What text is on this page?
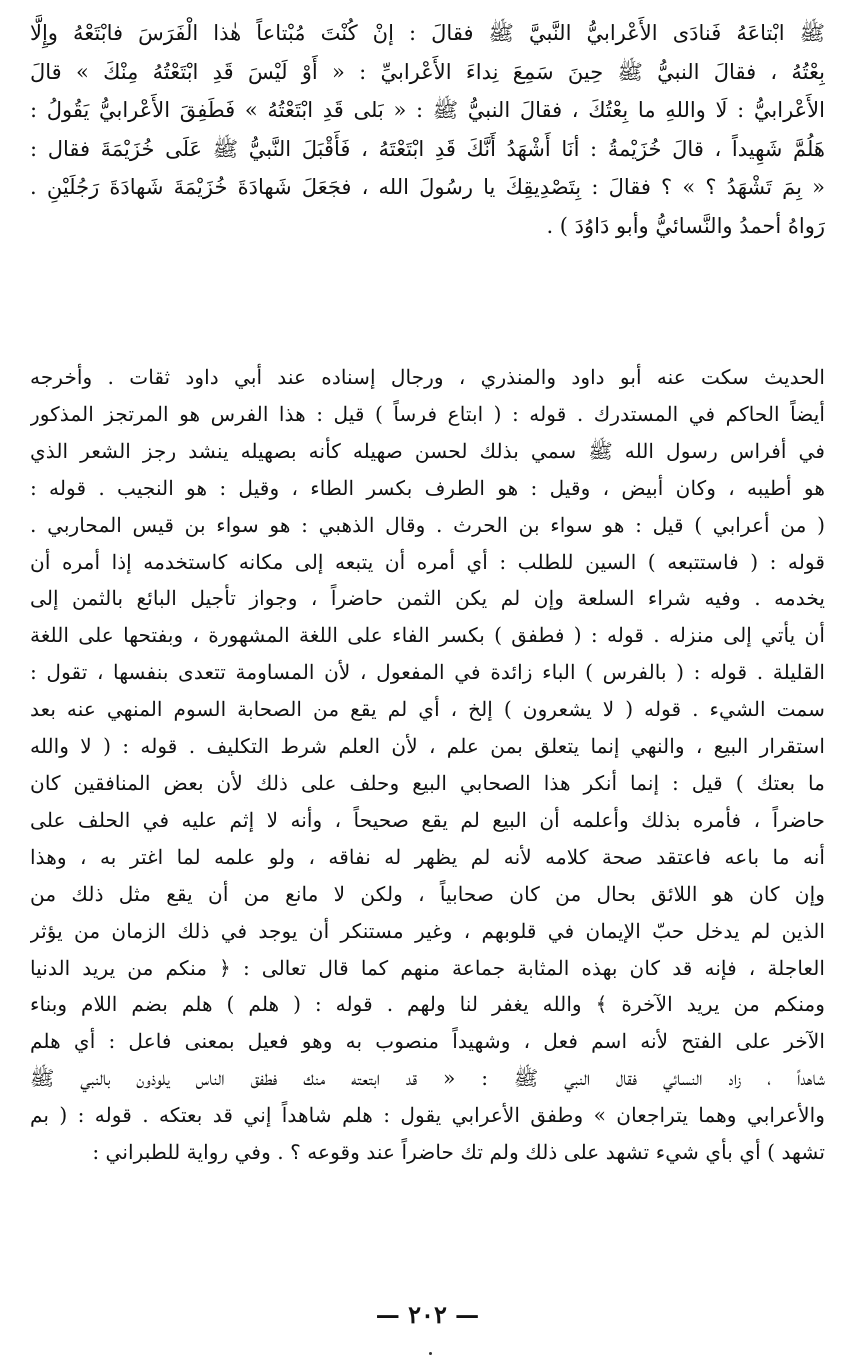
ﷺ ابْتاعَهُ فَنادَى الأَعْرابيُّ النَّبيَّ ﷺ فقالَ : إنْ كُنْتَ مُبْتاعاً هٰذا الْفَرَسَ فابْتَعْهُ وإِلَّا
بِعْتُهُ ، فقالَ النبيُّ ﷺ حِينَ سَمِعَ نِداءَ الأَعْرابيِّ : « أَوْ لَيْسَ قَدِ ابْتَعْتُهُ مِنْكَ » قالَ
الأَعْرابيُّ : لَا واللهِ ما بِعْتُكَ ، فقالَ النبيُّ ﷺ : « بَلى قَدِ ابْتَعْتُهُ » فَطَفِقَ الأَعْرابيُّ يَقُولُ :
هَلُمَّ شَهِيداً ، قالَ خُزَيْمةُ : أنَا أَشْهَدُ أَنَّكَ قَدِ ابْتَعْتَهُ ، فَأَقْبَلَ النَّبيُّ ﷺ عَلَى خُزَيْمَةَ فقال :
« بِمَ تَشْهَدُ ؟ » ؟ فقالَ : بِتَصْدِيقِكَ يا رسُولَ الله ، فجَعَلَ شَهادَةَ خُزَيْمَةَ شَهادَةَ رَجُلَيْنِ .
رَواهُ أحمدُ والنَّسائيُّ وأبو دَاوُدَ ) .
الحديث سكت عنه أبو داود والمنذري ، ورجال إسناده عند أبي داود ثقات . وأخرجه
أيضاً الحاكم في المستدرك . قوله : ( ابتاع فرساً ) قيل : هذا الفرس هو المرتجز المذكور
في أفراس رسول الله ﷺ سمي بذلك لحسن صهيله كأنه بصهيله ينشد رجز الشعر الذي
هو أطيبه ، وكان أبيض ، وقيل : هو الطرف بكسر الطاء ، وقيل : هو النجيب . قوله :
( من أعرابي ) قيل : هو سواء بن الحرث . وقال الذهبي : هو سواء بن قيس المحاربي .
قوله : ( فاستتبعه ) السين للطلب : أي أمره أن يتبعه إلى مكانه كاستخدمه إذا أمره أن
يخدمه . وفيه شراء السلعة وإن لم يكن الثمن حاضراً ، وجواز تأجيل البائع بالثمن إلى
أن يأتي إلى منزله . قوله : ( فطفق ) بكسر الفاء على اللغة المشهورة ، وبفتحها على اللغة
القليلة . قوله : ( بالفرس ) الباء زائدة في المفعول ، لأن المساومة تتعدى بنفسها ، تقول :
سمت الشيء . قوله ( لا يشعرون ) إلخ ، أي لم يقع من الصحابة السوم المنهي عنه بعد
استقرار البيع ، والنهي إنما يتعلق بمن علم ، لأن العلم شرط التكليف . قوله : ( لا والله
ما بعتك ) قيل : إنما أنكر هذا الصحابي البيع وحلف على ذلك لأن بعض المنافقين كان
حاضراً ، فأمره بذلك وأعلمه أن البيع لم يقع صحيحاً ، وأنه لا إثم عليه في الحلف على
أنه ما باعه فاعتقد صحة كلامه لأنه لم يظهر له نفاقه ، ولو علمه لما اغتر به ، وهذا
وإن كان هو اللائق بحال من كان صحابياً ، ولكن لا مانع من أن يقع مثل ذلك من
الذين لم يدخل حبّ الإيمان في قلوبهم ، وغير مستنكر أن يوجد في ذلك الزمان من يؤثر
العاجلة ، فإنه قد كان بهذه المثابة جماعة منهم كما قال تعالى : ﴿ منكم من يريد الدنيا
ومنكم من يريد الآخرة ﴾ والله يغفر لنا ولهم . قوله : ( هلم ) هلم بضم اللام وبناء
الآخر على الفتح لأنه اسم فعل ، وشهيداً منصوب به وهو فعيل بمعنى فاعل : أي هلم
شاهداً ، زاد النسائي فقال النبي ﷺ : « قد ابتعته منك فطفق الناس يلوذون بالنبي ﷺ
والأعرابي وهما يتراجعان » وطفق الأعرابي يقول : هلم شاهداً إني قد بعتكه . قوله : ( بم
تشهد ) أي بأي شيء تشهد على ذلك ولم تك حاضراً عند وقوعه ؟ . وفي رواية للطبراني :
— ٢٠٢ —
